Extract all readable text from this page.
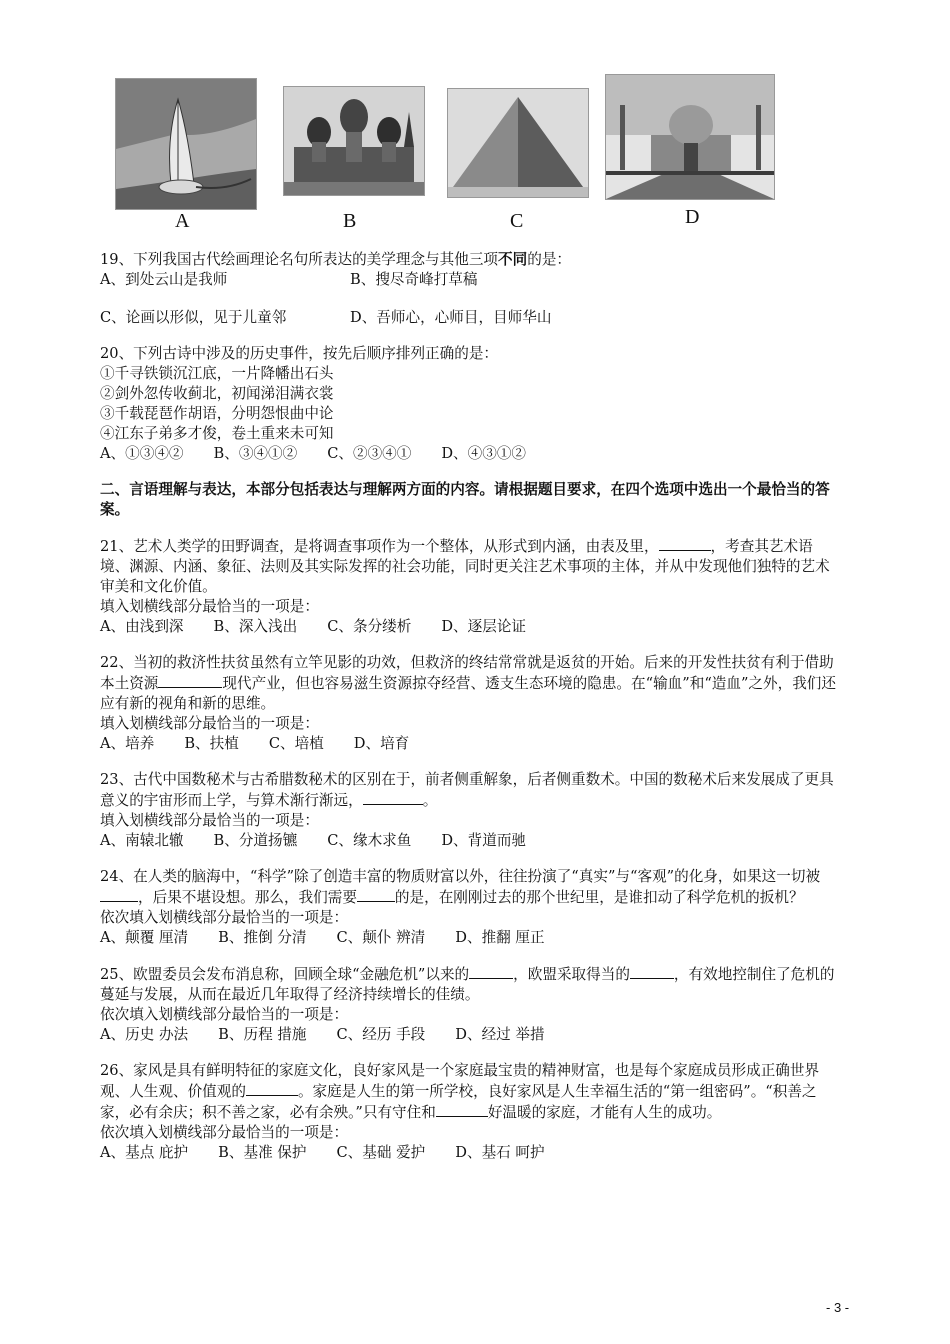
A	B	C	D
19、下列我国古代绘画理论名句所表达的美学理念与其他三项不同的是：
A、到处云山是我师	B、搜尽奇峰打草稿
C、论画以形似，见于儿童邻	D、吾师心，心师目，目师华山
20、下列古诗中涉及的历史事件，按先后顺序排列正确的是：
①千寻铁锁沉江底，一片降幡出石头
②剑外忽传收蓟北，初闻涕泪满衣裳
③千载琵琶作胡语，分明怨恨曲中论
④江东子弟多才俊，卷土重来未可知
A、①③④② B、③④①② C、②③④① D、④③①②
二、言语理解与表达，本部分包括表达与理解两方面的内容。请根据题目要求，在四个选项中选出一个最恰当的答案。
21、艺术人类学的田野调查，是将调查事项作为一个整体，从形式到内涵，由表及里，	，考查其艺术语境、渊源、内涵、象征、法则及其实际发挥的社会功能，同时更关注艺术事项的主体，并从中发现他们独特的艺术审美和文化价值。
填入划横线部分最恰当的一项是：
A、由浅到深 B、深入浅出 C、条分缕析 D、逐层论证
22、当初的救济性扶贫虽然有立竿见影的功效，但救济的终结常常就是返贫的开始。后来的开发性扶贫有利于借助本土资源	现代产业，但也容易滋生资源掠夺经营、透支生态环境的隐患。在“输血”和“造血”之外，我们还应有新的视角和新的思维。
填入划横线部分最恰当的一项是：
A、培养 B、扶植 C、培植 D、培育
23、古代中国数秘术与古希腊数秘术的区别在于，前者侧重解象，后者侧重数术。中国的数秘术后来发展成了更具意义的宇宙形而上学，与算术渐行渐远，	。
填入划横线部分最恰当的一项是：
A、南辕北辙 B、分道扬镳 C、缘木求鱼 D、背道而驰
24、在人类的脑海中，“科学”除了创造丰富的物质财富以外，往往扮演了“真实”与“客观”的化身，如果这一切被，后果不堪设想。那么，我们需要	的是，在刚刚过去的那个世纪里，是谁扣动了科学危机的扳机？
依次填入划横线部分最恰当的一项是：
A、颠覆 厘清 B、推倒 分清 C、颠仆 辨清 D、推翻 厘正
25、欧盟委员会发布消息称，回顾全球“金融危机”以来的	，欧盟采取得当的	，有效地控制住了危机的蔓延与发展，从而在最近几年取得了经济持续增长的佳绩。
依次填入划横线部分最恰当的一项是：
A、历史 办法 B、历程 措施 C、经历 手段 D、经过 举措
26、家风是具有鲜明特征的家庭文化，良好家风是一个家庭最宝贵的精神财富，也是每个家庭成员形成正确世界观、人生观、价值观的	。家庭是人生的第一所学校，良好家风是人生幸福生活的“第一组密码”。“积善之家，必有余庆；积不善之家，必有余殃。”只有守住和	好温暖的家庭，才能有人生的成功。
依次填入划横线部分最恰当的一项是：
A、基点 庇护 B、基准 保护 C、基础 爱护 D、基石 呵护
- 3 -
